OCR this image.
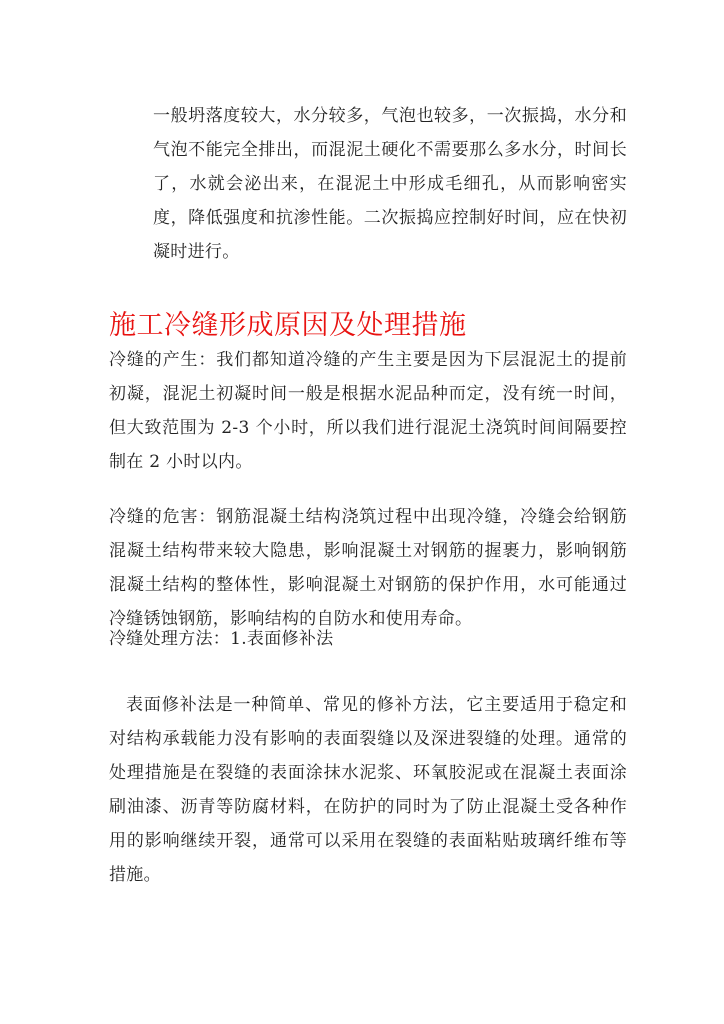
一般坍落度较大，水分较多，气泡也较多，一次振捣，水分和气泡不能完全排出，而混泥土硬化不需要那么多水分，时间长了，水就会泌出来，在混泥土中形成毛细孔，从而影响密实度，降低强度和抗渗性能。二次振捣应控制好时间，应在快初凝时进行。

施工冷缝形成原因及处理措施

冷缝的产生：我们都知道冷缝的产生主要是因为下层混泥土的提前初凝，混泥土初凝时间一般是根据水泥品种而定，没有统一时间，但大致范围为 2-3 个小时，所以我们进行混泥土浇筑时间间隔要控制在 2 小时以内。

冷缝的危害：钢筋混凝土结构浇筑过程中出现冷缝，冷缝会给钢筋混凝土结构带来较大隐患，影响混凝土对钢筋的握裹力，影响钢筋混凝土结构的整体性，影响混凝土对钢筋的保护作用，水可能通过冷缝锈蚀钢筋，影响结构的自防水和使用寿命。

冷缝处理方法：1.表面修补法

表面修补法是一种简单、常见的修补方法，它主要适用于稳定和对结构承载能力没有影响的表面裂缝以及深进裂缝的处理。通常的处理措施是在裂缝的表面涂抹水泥浆、环氧胶泥或在混凝土表面涂刷油漆、沥青等防腐材料，在防护的同时为了防止混凝土受各种作用的影响继续开裂，通常可以采用在裂缝的表面粘贴玻璃纤维布等措施。
